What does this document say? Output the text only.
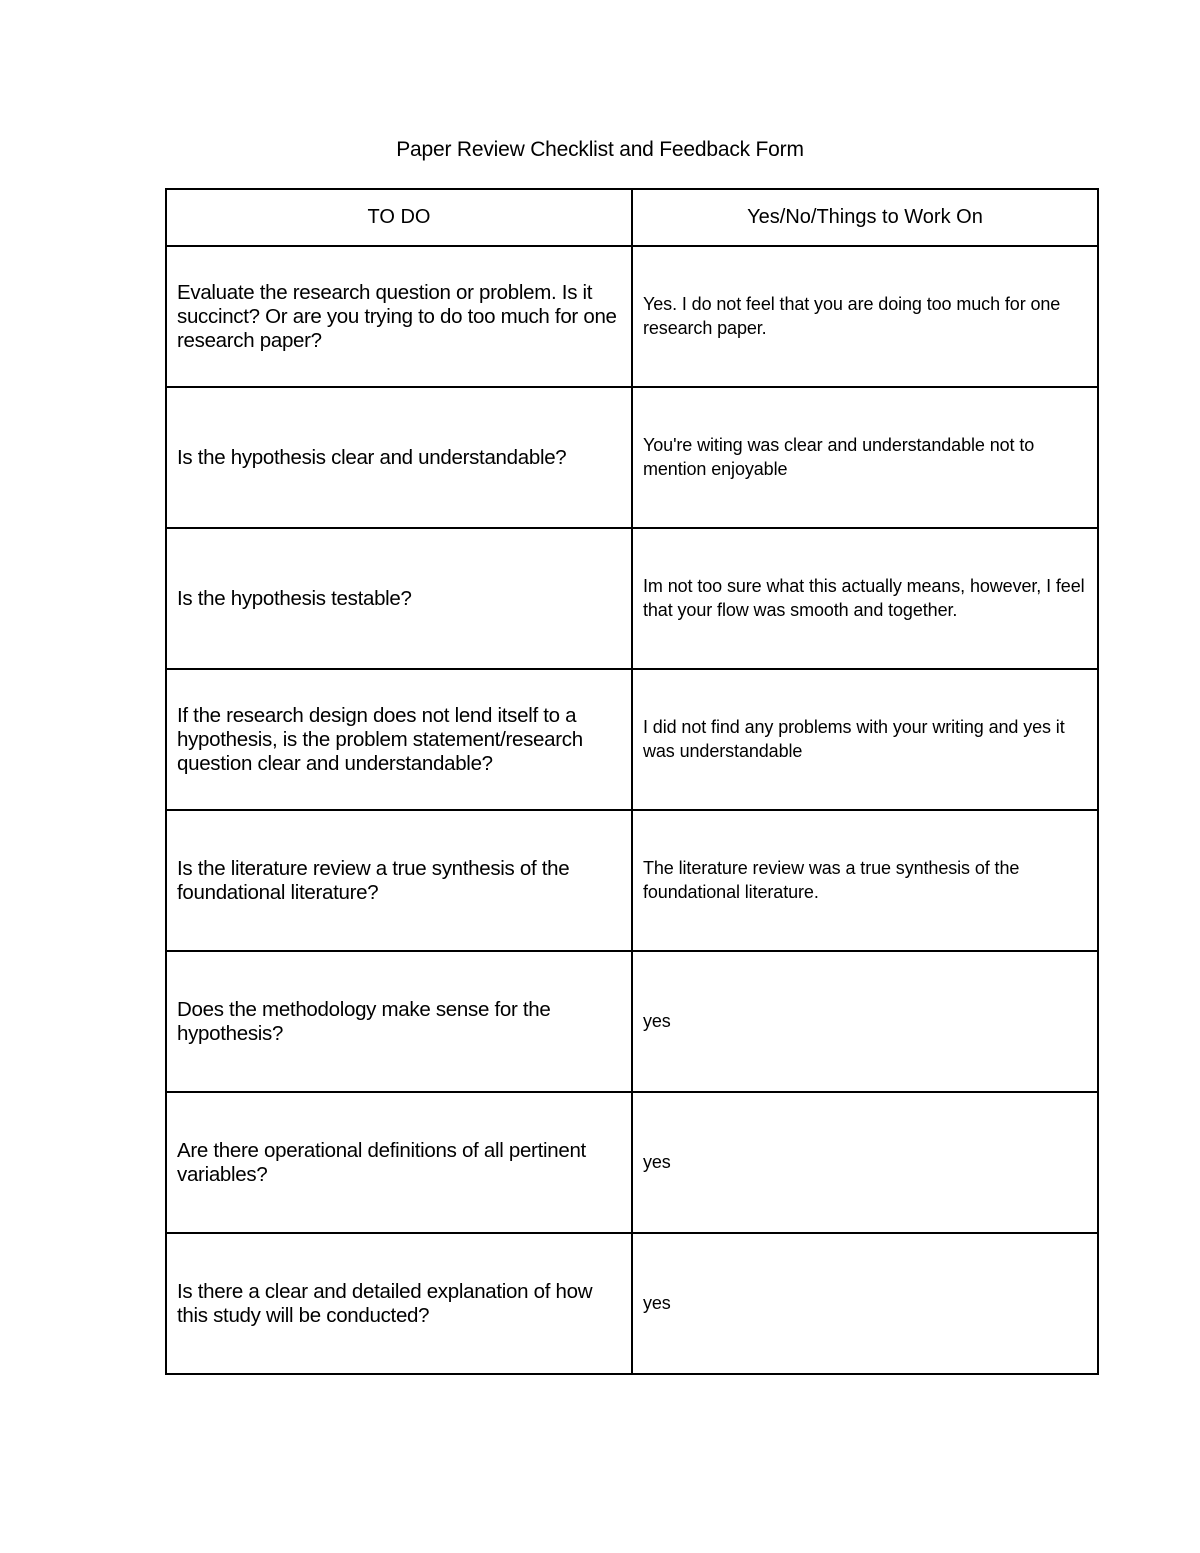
Paper Review Checklist and Feedback Form
TO DO	Yes/No/Things to Work On

Evaluate the research question or problem. Is it succinct? Or are you trying to do too much for one research paper?	Yes. I do not feel that you are doing too much for one research paper.

Is the hypothesis clear and understandable?	You're witing was clear and understandable not to mention enjoyable

Is the hypothesis testable?	Im not too sure what this actually means, however, I feel that your flow was smooth and together.

If the research design does not lend itself to a hypothesis, is the problem statement/research question clear and understandable?	I did not find any problems with your writing and yes it was understandable

Is the literature review a true synthesis of the foundational literature?	The literature review was a true synthesis of the foundational literature.

Does the methodology make sense for the hypothesis?	yes

Are there operational definitions of all pertinent variables?	yes

Is there a clear and detailed explanation of how this study will be conducted?	yes
